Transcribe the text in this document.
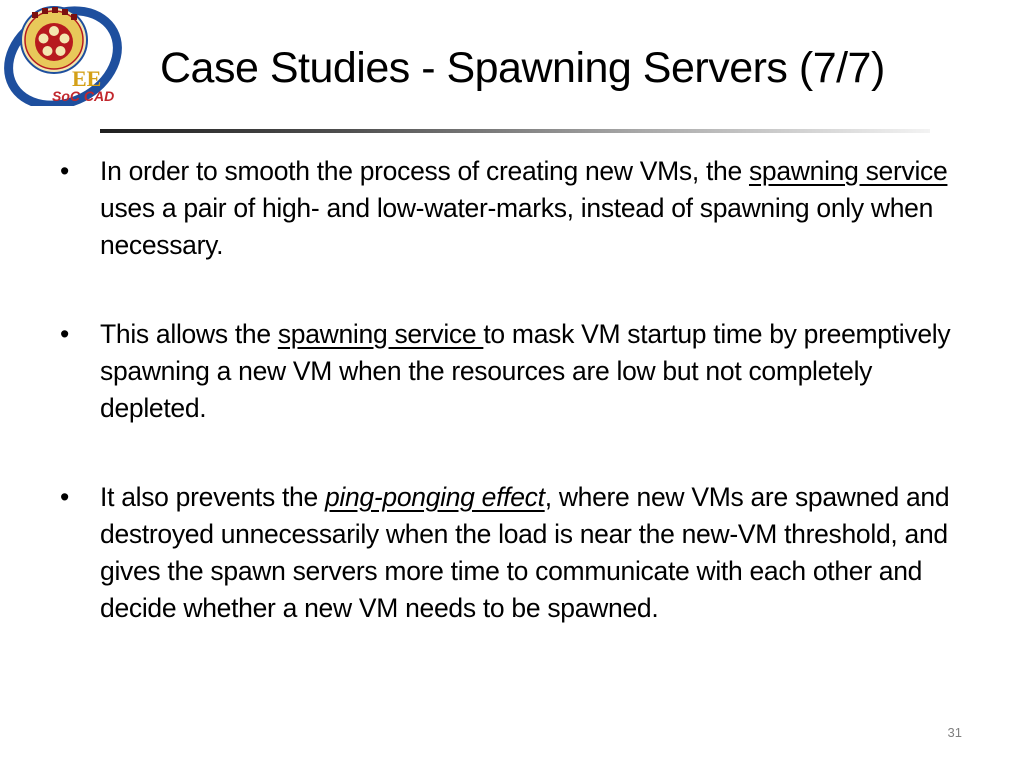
EE
SoC CAD
Case Studies - Spawning Servers (7/7)
•	In order to smooth the process of creating new VMs, the spawning service uses a pair of high- and low-water-marks, instead of spawning only when necessary.
•	This allows the spawning service to mask VM startup time by preemptively spawning a new VM when the resources are low but not completely depleted.
•	It also prevents the ping-ponging effect, where new VMs are spawned and destroyed unnecessarily when the load is near the new-VM threshold, and gives the spawn servers more time to communicate with each other and decide whether a new VM needs to be spawned.
31
